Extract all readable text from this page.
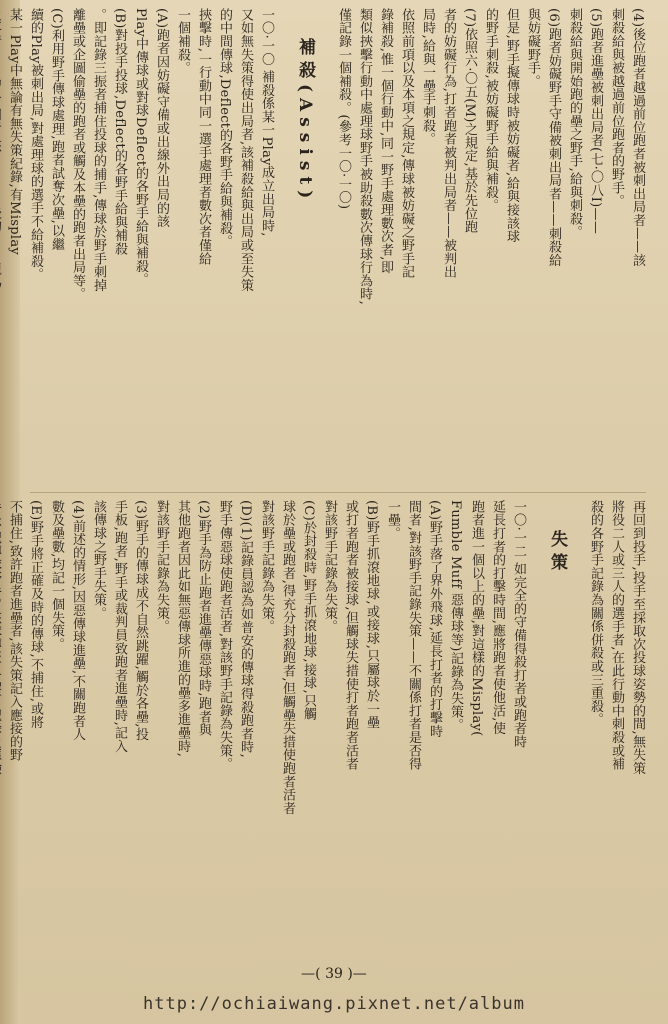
(4)後位跑者越過前位跑者被刺出局者——該
刺殺給與被越過前位跑者的野手。
(5)跑者進壘被刺出局者(七·〇八I)——
刺殺給與開始跑的壘之野手,給與刺殺。
(6)跑者妨礙野手守備被刺出局者——刺殺給
與妨礙野手。
但是,野手擬傳球時被妨礙者,給與接該球
的野手刺殺,被妨礙野手給與補殺。
(7)依照六·〇五(M)之規定,基於先位跑
者的妨礙行為,打者跑者被判出局者——被判出
局時,給與一壘手刺殺。
依照前項以及本項之規定,傳球被妨礙之野手記
錄補殺,惟一個行動中,同一野手處理數次者,即
類似挾擊行動中處理球野手被助殺數次傳球行為時,
僅記錄一個補殺。(參考一〇·一〇)
補殺(Assist)
一〇·一〇 補殺係某一Play成立出局時,
又如無失策得使出局者,該補殺給與出局或至失策
的中間傳球,Deflect的各野手給與補殺。
挾擊時,一行動中同一選手處理者數次者僅給
一個補殺。
(A)跑者因妨礙守備或出線外出局的該
Play中傳球或對球Deflect的各野手給與補殺。
(B)對投手投球,Deflect的各野手給與補殺
。即記錄三振者捕住投球的捕手,傳球於野手刺掉
離壘或企圖偷壘的跑者或觸及本壘的跑者出局等。
(C)利用野手傳球處理,跑者試奪次壘,以繼
續的Play被刺出局,對處理球的選手不給補殺。
某一Play中無論有無失策紀錄,有Misplay
再回到投手,投手至採取次投球姿勢的間,無失策
將役二人或三人的選手者,在此行動中刺殺或補
殺的各野手記錄為關係併殺或三重殺。
失策
一〇·一二 如完全的守備得殺打者或跑者時
延長打者的打擊時間,應將跑者使他活,使
跑者進一個以上的壘,對這樣的Misplay(
Fumble Muff 惡傳球等)記錄為失策。
(A)野手落了界外飛球,延長打者的打擊時
間者,對該野手記錄失策——不關係打者是否得
一壘。
(B)野手抓滾地球,或接球,只屬球於一壘
或打者跑者被接球,但觸球失措使打者跑者活者
對該野手記錄為失策。
(C)於封殺時,野手抓滾地球,接球,只觸
球於壘或跑者,得充分封殺跑者,但觸壘失措使跑者活者
對該野手記錄為失策。
(D)(1)記錄員認為如普安的傳球得殺跑者時,
野手傳惡球使跑者活者,對該野手記錄為失策。
(2)野手為防止跑者進壘傳惡球時,跑者與
其他跑者因此如無惡傳球所進的壘多進壘時,
對該野手記錄為失策。
(3)野手的傳球成不自然跳躍,觸於各壘,投
手板,跑者,野手或裁判員致跑者進壘時,記入
該傳球之野手失策。
(4)前述的情形,因惡傳球進壘,不關跑者人
數及壘數,均記一個失策。
(E)野手將正確及時的傳球,不捕住,或將
不捕住,致許跑者進壘者,該失策記入應接的野
—( 39 )—
http://ochiaiwang.pixnet.net/album
